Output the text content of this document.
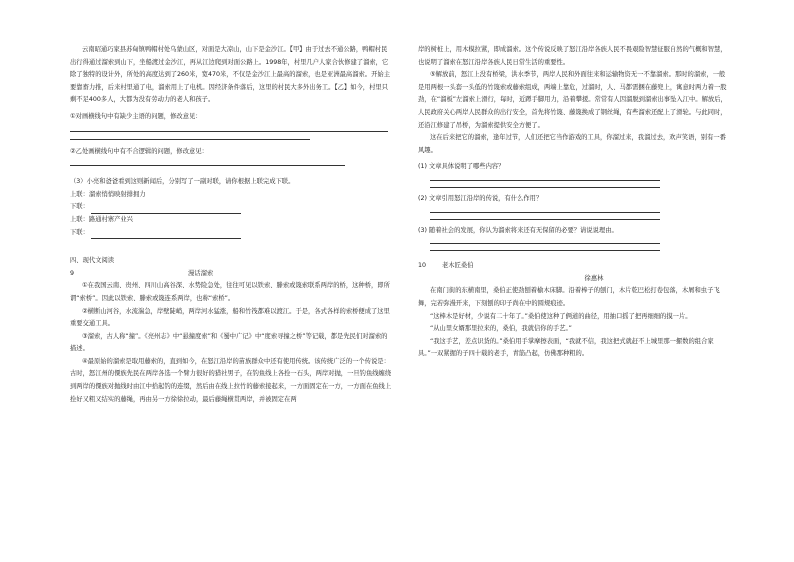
云南昭通巧家县苏甸镇鸭帽村处乌蒙山区，对面是大凉山，山下是金沙江。【甲】由于过去不通公路，鸭帽村民出行得通过溜索到山下，坐船渡过金沙江，再从江边爬到对面公路上。1998年，村里几户人家合伙修建了溜索，它除了独特的设计外，所处的高度达到了260米，宽470米，不仅是金沙江上最高的溜索，也是亚洲最高溜索。开始主要靠畜力推，后来村里通了电，溜索用上了电机。因经济条件落后，这里的村民大多外出务工。【乙】如今，村里只剩不足400多人，大都为没有劳动力的老人和孩子。

①对画横线句中有缺少主语的问题，修改意见：

②乙处画横线句中有不合逻辑的问题，修改意见：

（3）小亮和爸爸看到这则新闻后，分别写了一副对联，请你根据上联完成下联。

上联：溜索悄悄映射排拥力

下联：

上联：路通村寨产业兴

下联：

四、现代文阅读

9	漫话溜索

①在我国云南、贵州、四川山高谷深、水势险急处，往往可见以铁索、滕索或篾索联系两岸的桥，这种桥，即所谓“索桥”。因此以铁索、滕索或篾连系两岸，也称“索桥”。

②横断山河谷，水流湍急，岸壁陡峭，两岸河水猛涨，船和竹筏都难以渡江。于是，各式各样的索桥便成了这里重要交通工具。

③溜索，古人称“撞”。《亮州志》中“悬撞度索”和《蜀中广记》中“度索寻撞之桥”等记载，都是先民们对溜索的描述。

④最原始的溜索是取用藤索的，直到如今，在怒江沿岸的苗族群众中还有使用传统。该传统广泛的一个传说是：古时，怒江州的僳族先民在两岸各选一个臂力很好的猎社男子，在钓鱼线上各拴一石头，两岸对抛，一旦钓鱼线缠绕到两岸的僳族对抛线时由江中拾起钓的连缀，然后由在线上拉竹的藤索接起来，一方面固定在一方，一方面在鱼线上拴好又粗又结实的藤绳，再由另一方徐徐拉动，最后藤绳横贯两岸，并被固定在两

岸的树桩上，用木模拉紧，即成溜索。这个传说反映了怒江沿岸各族人民不畏艰险智慧征服自然的气概和智慧，也说明了溜索在怒江沿岸各族人民日常生活的重要性。

⑤解放前，怒江上没有桥梁，洪水季节，两岸人民和外面往来和运输物资无一不靠溜索。那时的溜索，一般是用两根一头套一头低的竹篾索或藤索组成，两端上靠危，过溜时，人、马都需捆在藤兜上，寓意时两力着一股劲，在“溜板”左溜索上滑行，每时，近蹲手脚用力，沿着攀援。常常有人因溜脱到溜索出事坠入江中。解放后，人民政府关心两岸人民群众的出行安全，首先将竹篾、藤篾换成了钢丝绳，有些溜索还配上了滑轮。与此同时，还沿江修建了吊桥，为溜索提供安全方便了。

这在后来把它的溜索，逢年过节，人们还把它当作游戏的工具，你溜过来，我溜过去，欢声笑语，别有一番风趣。

(1) 文章具体说明了哪些内容？

(2) 文章引用怒江沿岸的传说，有什么作用？

(3) 随着社会的发展，你认为溜索将来还有无保留的必要？请说说理由。

10	老木匠桑伯

徐惠林

在南门街的东横南里，桑伯正使劲刨着榆木床脚。沿着棒子的刨门，木片乾巴松打卷包落，木屑和虫子飞舞，完若弥漫开来，下刻刨的印子尚在中的圆规痕迹。

“这棒木是好材，少说有二十年了。”桑伯使这种了俩道的曲径，用抽口摇了把再细细的摸一片。

“从山里女婿那里拉来的，桑伯，我就信你的手艺。”

“我这手艺，差点识货的。”桑伯用手掌摩擦表面，“我就不信，我这把式就赶不上城里那一摞数的组合家具。”一双紧握的子四十载的老手，青筋凸起，仿佛那种粗的。
